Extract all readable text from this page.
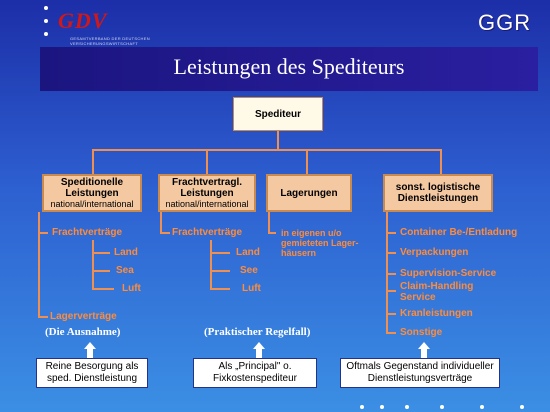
GDV
GESAMTVERBAND DER DEUTSCHEN VERSICHERUNGSWIRTSCHAFT
GGR
Leistungen des Spediteurs
Spediteur
Speditionelle
Leistungen
national/international
Frachtvertragl.
Leistungen
national/international
Lagerungen	sonst. logistische
Dienstleistungen
Frachtverträge
Land
Sea
Luft
Lagerverträge
Frachtverträge
Land
See
Luft
in eigenen u/o gemieteten Lager-häusern
Container Be-/Entladung
Verpackungen
Supervision-Service
Claim-Handling Service
Kranleistungen
Sonstige
(Die Ausnahme)	(Praktischer Regelfall)
Reine Besorgung als sped. Dienstleistung
Als „Principal" o. Fixkostenspediteur
Oftmals Gegenstand individueller Dienstleistungsverträge
